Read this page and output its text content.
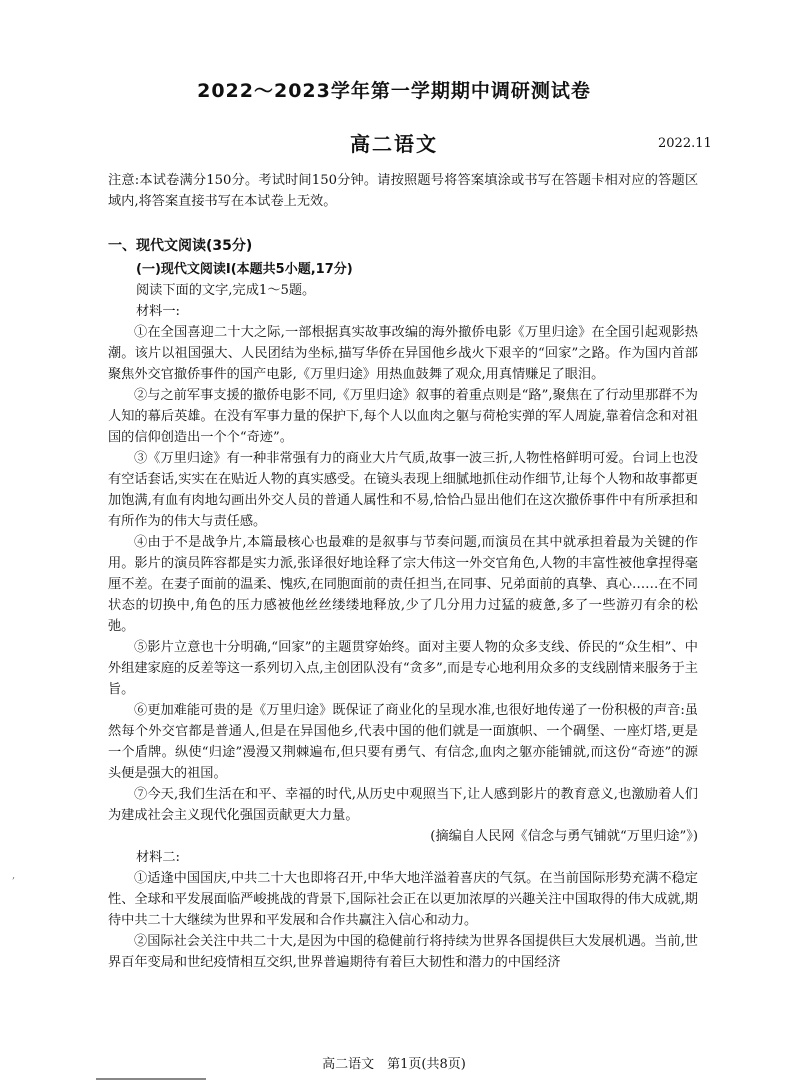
2022～2023学年第一学期期中调研测试卷
高二语文	2022.11
注意:本试卷满分150分。考试时间150分钟。请按照题号将答案填涂或书写在答题卡相对应的答题区域内,将答案直接书写在本试卷上无效。

一、现代文阅读(35分)

(一)现代文阅读Ⅰ(本题共5小题,17分)

阅读下面的文字,完成1～5题。

材料一:

①在全国喜迎二十大之际,一部根据真实故事改编的海外撤侨电影《万里归途》在全国引起观影热潮。该片以祖国强大、人民团结为坐标,描写华侨在异国他乡战火下艰辛的“回家”之路。作为国内首部聚焦外交官撤侨事件的国产电影,《万里归途》用热血鼓舞了观众,用真情赚足了眼泪。

②与之前军事支援的撤侨电影不同,《万里归途》叙事的着重点则是“路”,聚焦在了行动里那群不为人知的幕后英雄。在没有军事力量的保护下,每个人以血肉之躯与荷枪实弹的军人周旋,靠着信念和对祖国的信仰创造出一个个“奇迹”。

③《万里归途》有一种非常强有力的商业大片气质,故事一波三折,人物性格鲜明可爱。台词上也没有空话套话,实实在在贴近人物的真实感受。在镜头表现上细腻地抓住动作细节,让每个人物和故事都更加饱满,有血有肉地勾画出外交人员的普通人属性和不易,恰恰凸显出他们在这次撤侨事件中有所承担和有所作为的伟大与责任感。

④由于不是战争片,本篇最核心也最难的是叙事与节奏问题,而演员在其中就承担着最为关键的作用。影片的演员阵容都是实力派,张译很好地诠释了宗大伟这一外交官角色,人物的丰富性被他拿捏得毫厘不差。在妻子面前的温柔、愧疚,在同胞面前的责任担当,在同事、兄弟面前的真挚、真心……在不同状态的切换中,角色的压力感被他丝丝缕缕地释放,少了几分用力过猛的疲惫,多了一些游刃有余的松弛。

⑤影片立意也十分明确,“回家”的主题贯穿始终。面对主要人物的众多支线、侨民的“众生相”、中外组建家庭的反差等这一系列切入点,主创团队没有“贪多”,而是专心地利用众多的支线剧情来服务于主旨。

⑥更加难能可贵的是《万里归途》既保证了商业化的呈现水准,也很好地传递了一份积极的声音:虽然每个外交官都是普通人,但是在异国他乡,代表中国的他们就是一面旗帜、一个碉堡、一座灯塔,更是一个盾牌。纵使“归途”漫漫又荆棘遍布,但只要有勇气、有信念,血肉之躯亦能铺就,而这份“奇迹”的源头便是强大的祖国。

⑦今天,我们生活在和平、幸福的时代,从历史中观照当下,让人感到影片的教育意义,也激励着人们为建成社会主义现代化强国贡献更大力量。

(摘编自人民网《信念与勇气铺就“万里归途”》)

材料二:

①适逢中国国庆,中共二十大也即将召开,中华大地洋溢着喜庆的气氛。在当前国际形势充满不稳定性、全球和平发展面临严峻挑战的背景下,国际社会正在以更加浓厚的兴趣关注中国取得的伟大成就,期待中共二十大继续为世界和平发展和合作共赢注入信心和动力。

②国际社会关注中共二十大,是因为中国的稳健前行将持续为世界各国提供巨大发展机遇。当前,世界百年变局和世纪疫情相互交织,世界普遍期待有着巨大韧性和潜力的中国经济

,
高二语文　第1页(共8页)
